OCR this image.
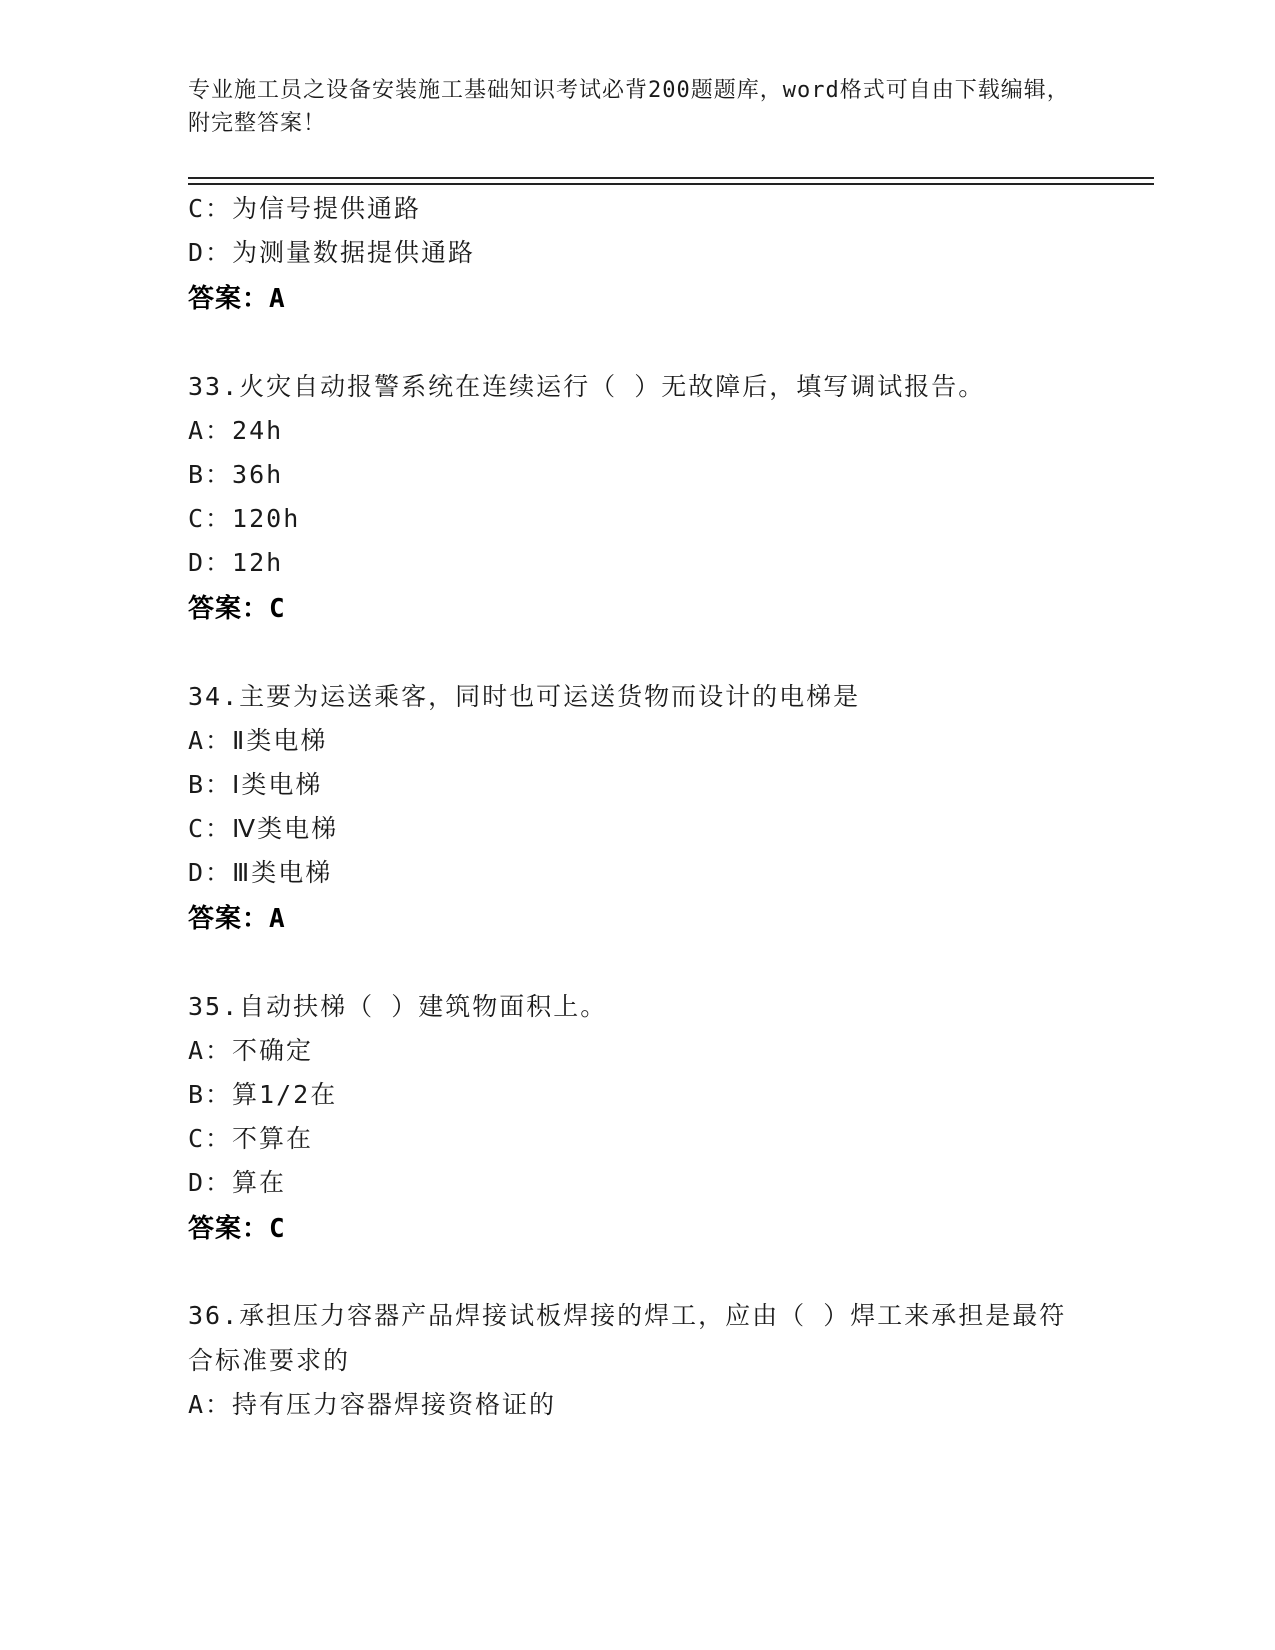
专业施工员之设备安装施工基础知识考试必背200题题库，word格式可自由下载编辑，附完整答案！
C：为信号提供通路
D：为测量数据提供通路
答案：A
33.火灾自动报警系统在连续运行（ ）无故障后，填写调试报告。
A：24h
B：36h
C：120h
D：12h
答案：C
34.主要为运送乘客，同时也可运送货物而设计的电梯是
A：Ⅱ类电梯
B：Ⅰ类电梯
C：Ⅳ类电梯
D：Ⅲ类电梯
答案：A
35.自动扶梯（ ）建筑物面积上。
A：不确定
B：算1/2在
C：不算在
D：算在
答案：C
36.承担压力容器产品焊接试板焊接的焊工，应由（ ）焊工来承担是最符合标准要求的
A：持有压力容器焊接资格证的
